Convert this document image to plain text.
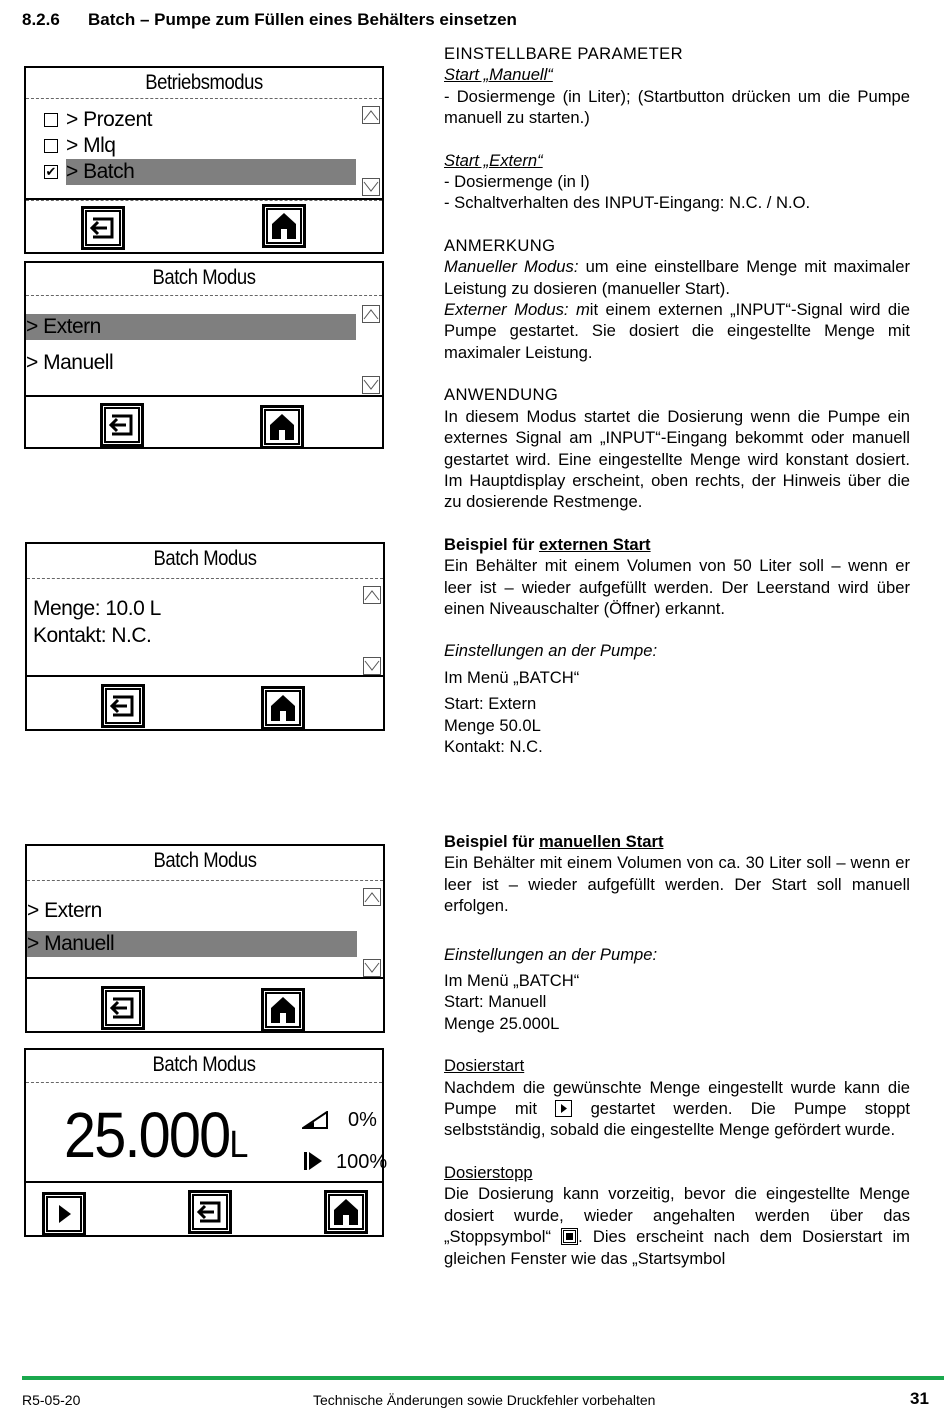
8.2.6 Batch – Pumpe zum Füllen eines Behälters einsetzen
Betriebsmodus
> Prozent
> Mlq
✔ > Batch
Batch Modus
> Extern
> Manuell
Batch Modus
Menge: 10.0 L
Kontakt: N.C.
Batch Modus
> Extern
> Manuell
Batch Modus
25.000L
0%
100%

EINSTELLBARE PARAMETER

Start „Manuell“

- Dosiermenge (in Liter); (Startbutton drücken um die Pumpe manuell zu starten.)

Start „Extern“

- Dosiermenge (in l)

- Schaltverhalten des INPUT-Eingang: N.C. / N.O.

ANMERKUNG

Manueller Modus: um eine einstellbare Menge mit maximaler Leistung zu dosieren (manueller Start).

Externer Modus: mit einem externen „INPUT“-Signal wird die Pumpe gestartet. Sie dosiert die eingestellte Menge mit maximaler Leistung.

ANWENDUNG

In diesem Modus startet die Dosierung wenn die Pumpe ein externes Signal am „INPUT“-Eingang bekommt oder manuell gestartet wird. Eine eingestellte Menge wird konstant dosiert. Im Hauptdisplay erscheint, oben rechts, der Hinweis über die zu dosierende Restmenge.

Beispiel für externen Start

Ein Behälter mit einem Volumen von 50 Liter soll – wenn er leer ist – wieder aufgefüllt werden. Der Leerstand wird über einen Niveauschalter (Öffner) erkannt.

Einstellungen an der Pumpe:

Im Menü „BATCH“

Start: Extern

Menge 50.0L

Kontakt: N.C.

Beispiel für manuellen Start

Ein Behälter mit einem Volumen von ca. 30 Liter soll – wenn er leer ist – wieder aufgefüllt werden. Der Start soll manuell erfolgen.

Einstellungen an der Pumpe:

Im Menü „BATCH“

Start: Manuell

Menge 25.000L

Dosierstart

Nachdem die gewünschte Menge eingestellt wurde kann die Pumpe mit
gestartet werden. Die Pumpe stoppt selbstständig, sobald die eingestellte Menge gefördert wurde.

Dosierstopp

Die Dosierung kann vorzeitig, bevor die eingestellte Menge dosiert wurde, wieder angehalten werden über das „Stoppsymbol“
. Dies erscheint nach dem Dosierstart im gleichen Fenster wie das „Startsymbol

R5-05-20	Technische Änderungen sowie Druckfehler vorbehalten	31
